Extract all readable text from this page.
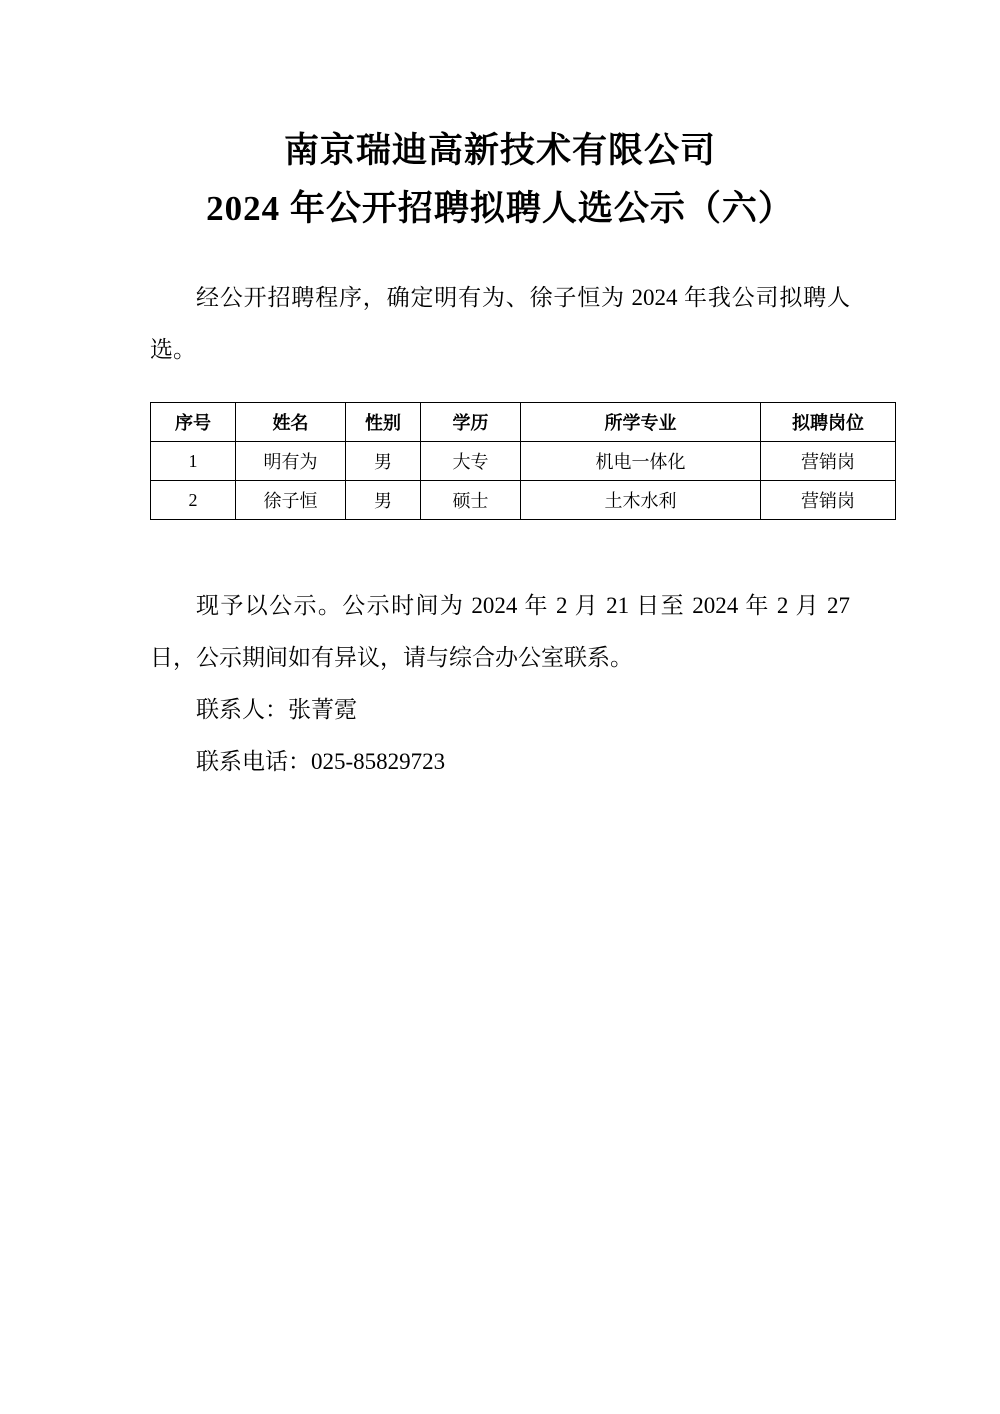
南京瑞迪高新技术有限公司
2024 年公开招聘拟聘人选公示（六）

经公开招聘程序，确定明有为、徐子恒为 2024 年我公司拟聘人选。

序号	姓名	性别	学历	所学专业	拟聘岗位
1	明有为	男	大专	机电一体化	营销岗
2	徐子恒	男	硕士	土木水利	营销岗

现予以公示。公示时间为 2024 年 2 月 21 日至 2024 年 2 月 27 日，公示期间如有异议，请与综合办公室联系。

联系人：张菁霓

联系电话：025-85829723
